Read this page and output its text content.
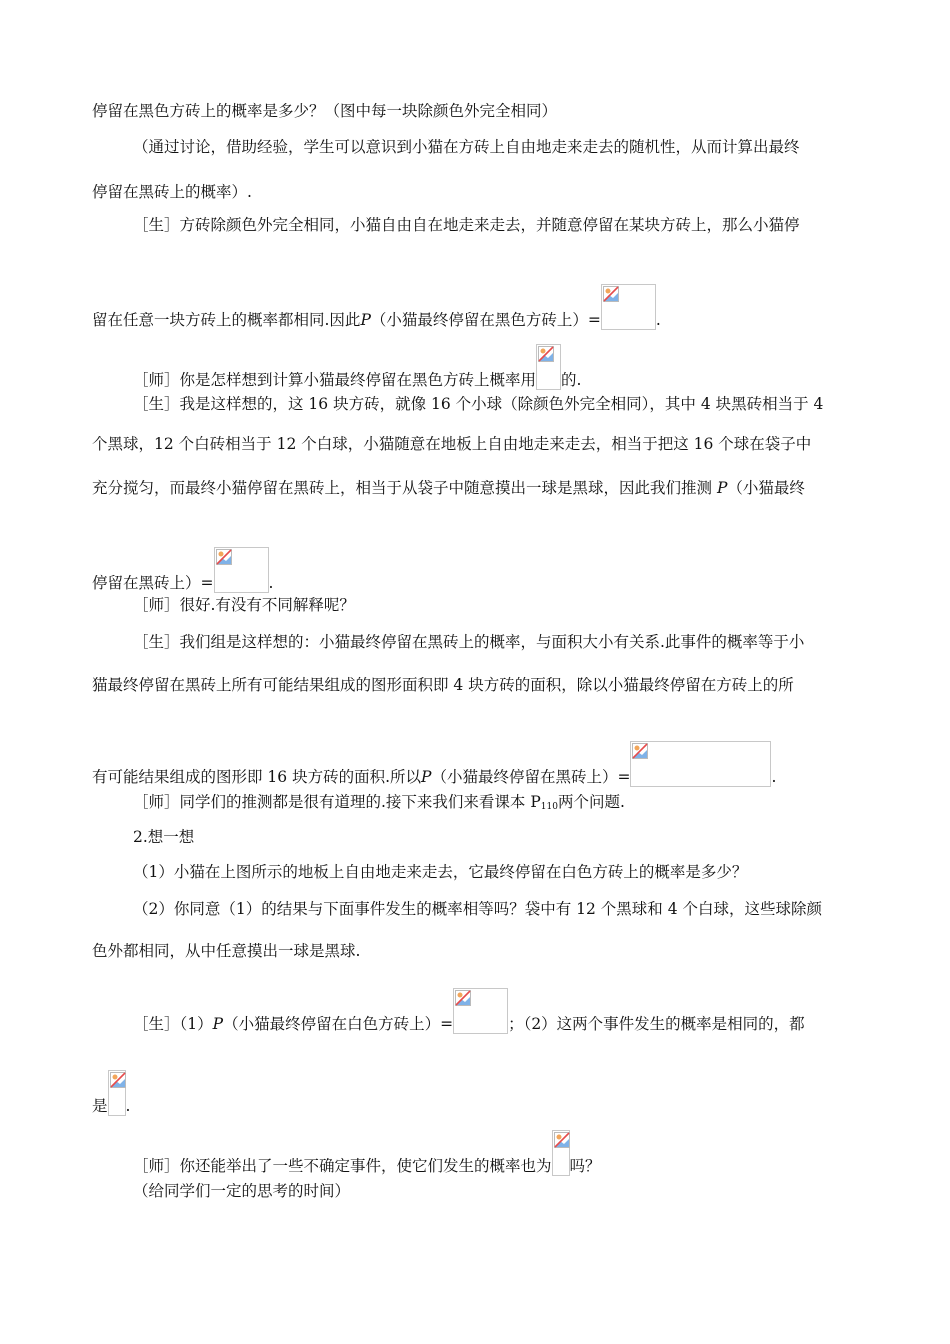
停留在黑色方砖上的概率是多少？（图中每一块除颜色外完全相同）
（通过讨论，借助经验，学生可以意识到小猫在方砖上自由地走来走去的随机性，从而计算出最终
停留在黑砖上的概率）.
［生］方砖除颜色外完全相同，小猫自由自在地走来走去，并随意停留在某块方砖上，那么小猫停
留在任意一块方砖上的概率都相同.因此P（小猫最终停留在黑色方砖上）=	.
［师］你是怎样想到计算小猫最终停留在黑色方砖上概率用 的.
［生］我是这样想的，这 16 块方砖，就像 16 个小球（除颜色外完全相同），其中 4 块黑砖相当于 4
个黑球，12 个白砖相当于 12 个白球，小猫随意在地板上自由地走来走去，相当于把这 16 个球在袋子中
充分搅匀，而最终小猫停留在黑砖上，相当于从袋子中随意摸出一球是黑球，因此我们推测 P（小猫最终
停留在黑砖上）=	.
［师］很好.有没有不同解释呢？
［生］我们组是这样想的：小猫最终停留在黑砖上的概率，与面积大小有关系.此事件的概率等于小
猫最终停留在黑砖上所有可能结果组成的图形面积即 4 块方砖的面积，除以小猫最终停留在方砖上的所
有可能结果组成的图形即 16 块方砖的面积.所以P（小猫最终停留在黑砖上）=	.
［师］同学们的推测都是很有道理的.接下来我们来看课本 $P_{110}$两个问题.
2.想一想
（1）小猫在上图所示的地板上自由地走来走去，它最终停留在白色方砖上的概率是多少？
（2）你同意（1）的结果与下面事件发生的概率相等吗？袋中有 12 个黑球和 4 个白球，这些球除颜
色外都相同，从中任意摸出一球是黑球.
［生］（1）P（小猫最终停留在白色方砖上）=	；（2）这两个事件发生的概率是相同的，都
是 .
［师］你还能举出了一些不确定事件，使它们发生的概率也为 吗？
（给同学们一定的思考的时间）
